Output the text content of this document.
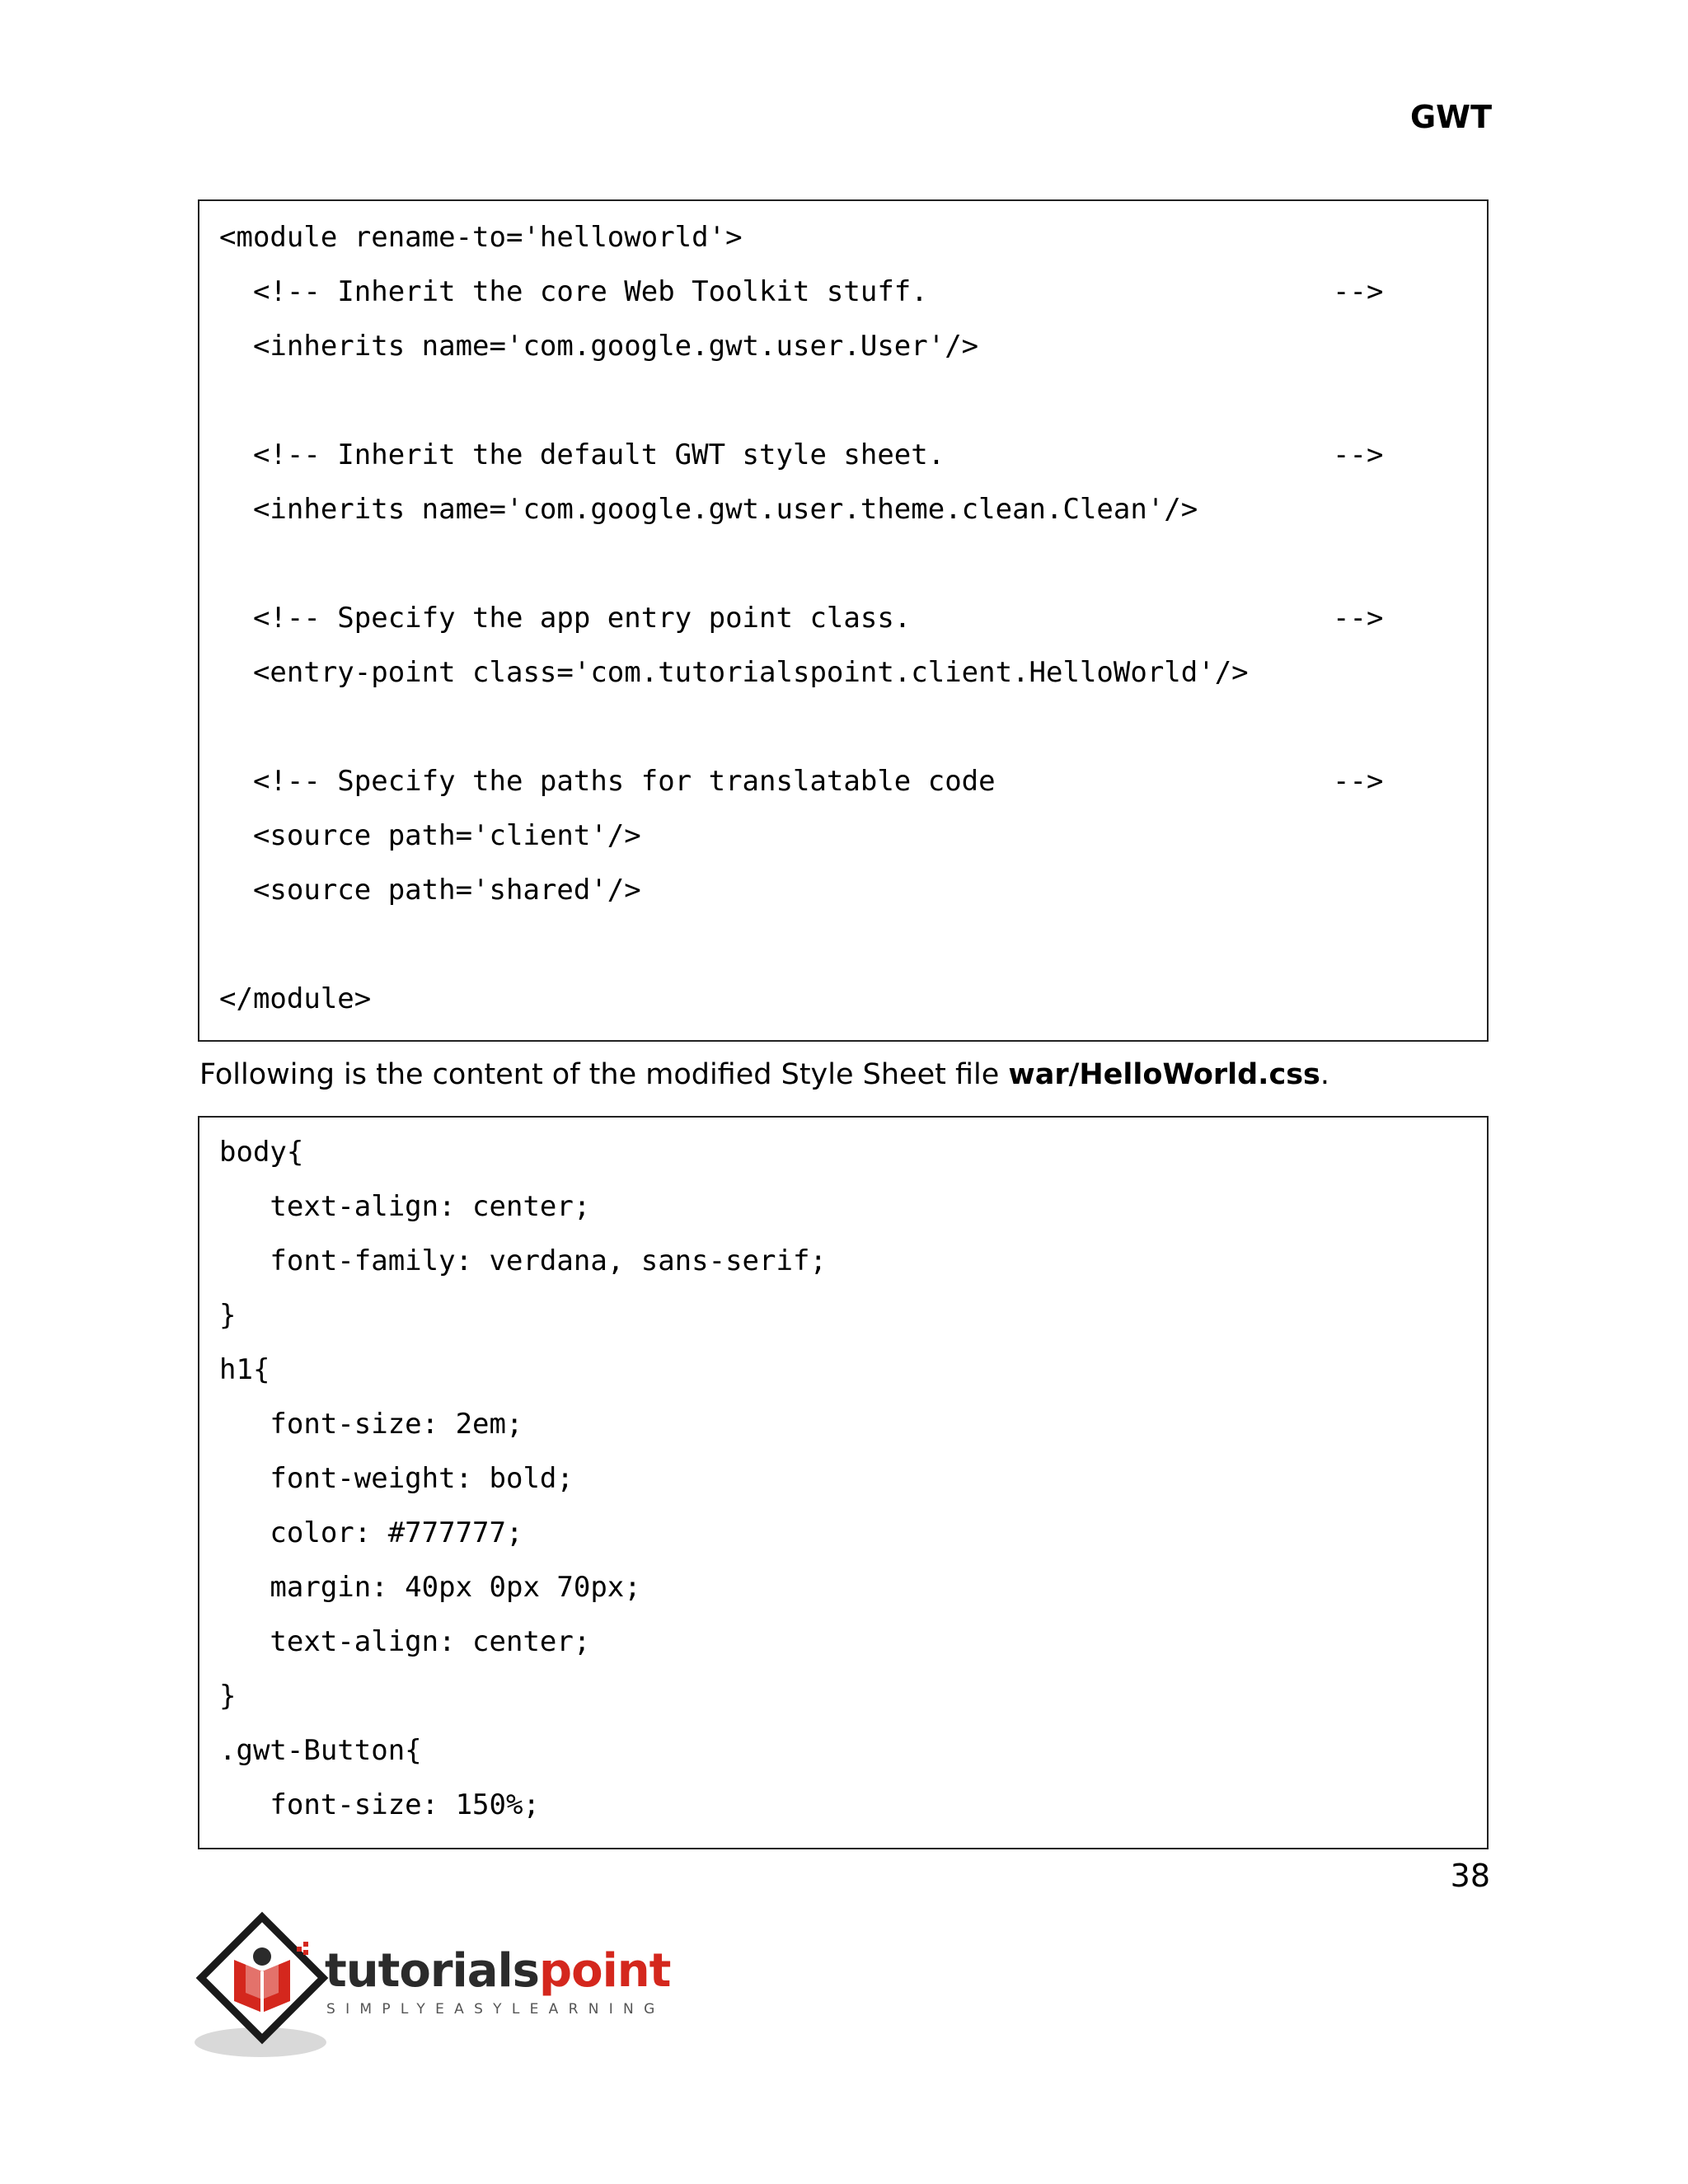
GWT
<module rename-to='helloworld'>
<!-- Inherit the core Web Toolkit stuff.                        -->
<inherits name='com.google.gwt.user.User'/>
<!-- Inherit the default GWT style sheet.                       -->
<inherits name='com.google.gwt.user.theme.clean.Clean'/>
<!-- Specify the app entry point class.                         -->
<entry-point class='com.tutorialspoint.client.HelloWorld'/>
<!-- Specify the paths for translatable code                    -->
<source path='client'/>
<source path='shared'/>
</module>
Following is the content of the modified Style Sheet file war/HelloWorld.css.
body{
text-align: center;
font-family: verdana, sans-serif;
}
h1{
font-size: 2em;
font-weight: bold;
color: #777777;
margin: 40px 0px 70px;
text-align: center;
}
.gwt-Button{
font-size: 150%;
38
tutorialspoint
SIMPLYEASYLEARNING
